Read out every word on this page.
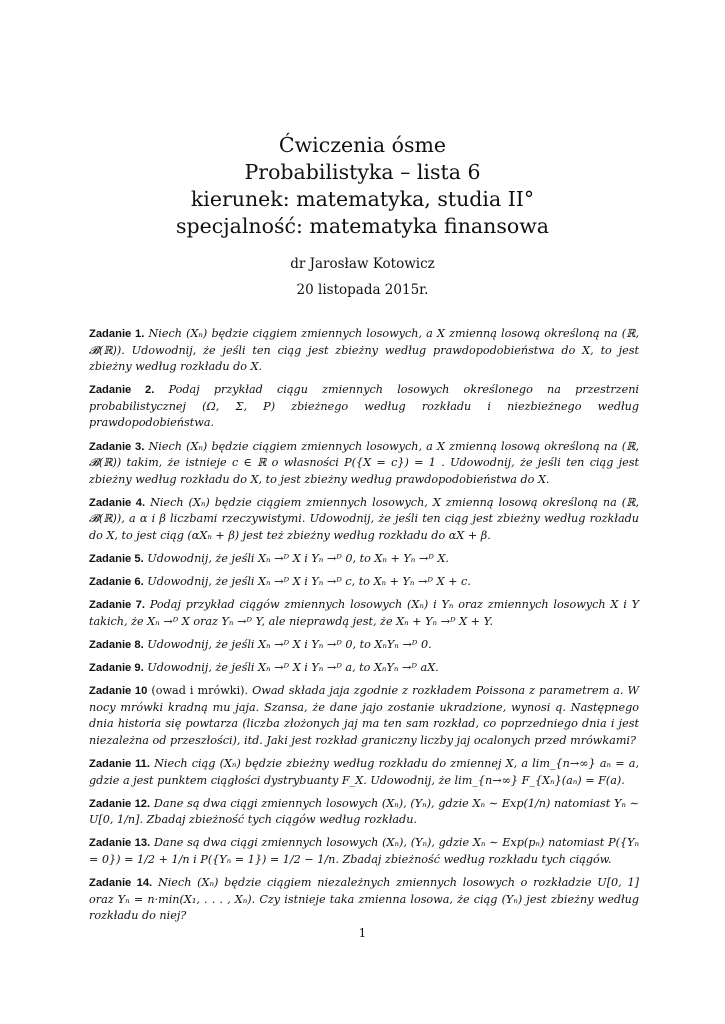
Ćwiczenia ósme

Probabilistyka – lista 6

kierunek: matematyka, studia II°

specjalność: matematyka finansowa

dr Jarosław Kotowicz
20 listopada 2015r.

Zadanie 1. Niech (Xₙ) będzie ciągiem zmiennych losowych, a X zmienną losową określoną na (ℝ, 𝓑(ℝ)). Udowodnij, że jeśli ten ciąg jest zbieżny według prawdopodobieństwa do X, to jest zbieżny według rozkładu do X.

Zadanie 2. Podaj przykład ciągu zmiennych losowych określonego na przestrzeni probabilistycznej (Ω, Σ, P) zbieżnego według rozkładu i niezbieżnego według prawdopodobieństwa.

Zadanie 3. Niech (Xₙ) będzie ciągiem zmiennych losowych, a X zmienną losową określoną na (ℝ, 𝓑(ℝ)) takim, że istnieje c ∈ ℝ o własności P({X = c}) = 1 . Udowodnij, że jeśli ten ciąg jest zbieżny według rozkładu do X, to jest zbieżny według prawdopodobieństwa do X.

Zadanie 4. Niech (Xₙ) będzie ciągiem zmiennych losowych, X zmienną losową określoną na (ℝ, 𝓑(ℝ)), a α i β liczbami rzeczywistymi. Udowodnij, że jeśli ten ciąg jest zbieżny według rozkładu do X, to jest ciąg (αXₙ + β) jest też zbieżny według rozkładu do αX + β.

Zadanie 5. Udowodnij, że jeśli Xₙ →ᴰ X i Yₙ →ᴰ 0, to Xₙ + Yₙ →ᴰ X.

Zadanie 6. Udowodnij, że jeśli Xₙ →ᴰ X i Yₙ →ᴰ c, to Xₙ + Yₙ →ᴰ X + c.

Zadanie 7. Podaj przykład ciągów zmiennych losowych (Xₙ) i Yₙ oraz zmiennych losowych X i Y takich, że Xₙ →ᴰ X oraz Yₙ →ᴰ Y, ale nieprawdą jest, że Xₙ + Yₙ →ᴰ X + Y.

Zadanie 8. Udowodnij, że jeśli Xₙ →ᴰ X i Yₙ →ᴰ 0, to XₙYₙ →ᴰ 0.

Zadanie 9. Udowodnij, że jeśli Xₙ →ᴰ X i Yₙ →ᴰ a, to XₙYₙ →ᴰ aX.

Zadanie 10 (owad i mrówki). Owad składa jaja zgodnie z rozkładem Poissona z parametrem a. W nocy mrówki kradną mu jaja. Szansa, że dane jajo zostanie ukradzione, wynosi q. Następnego dnia historia się powtarza (liczba złożonych jaj ma ten sam rozkład, co poprzedniego dnia i jest niezależna od przeszłości), itd. Jaki jest rozkład graniczny liczby jaj ocalonych przed mrówkami?

Zadanie 11. Niech ciąg (Xₙ) będzie zbieżny według rozkładu do zmiennej X, a lim_{n→∞} aₙ = a, gdzie a jest punktem ciągłości dystrybuanty F_X. Udowodnij, że lim_{n→∞} F_{Xₙ}(aₙ) = F(a).

Zadanie 12. Dane są dwa ciągi zmiennych losowych (Xₙ), (Yₙ), gdzie Xₙ ∼ Exp(1/n) natomiast Yₙ ∼ U[0, 1/n]. Zbadaj zbieżność tych ciągów według rozkładu.

Zadanie 13. Dane są dwa ciągi zmiennych losowych (Xₙ), (Yₙ), gdzie Xₙ ∼ Exp(pₙ) natomiast P({Yₙ = 0}) = 1/2 + 1/n i P({Yₙ = 1}) = 1/2 − 1/n. Zbadaj zbieżność według rozkładu tych ciągów.

Zadanie 14. Niech (Xₙ) będzie ciągiem niezależnych zmiennych losowych o rozkładzie U[0, 1] oraz Yₙ = n·min(X₁, . . . , Xₙ). Czy istnieje taka zmienna losowa, że ciąg (Yₙ) jest zbieżny według rozkładu do niej?

1
